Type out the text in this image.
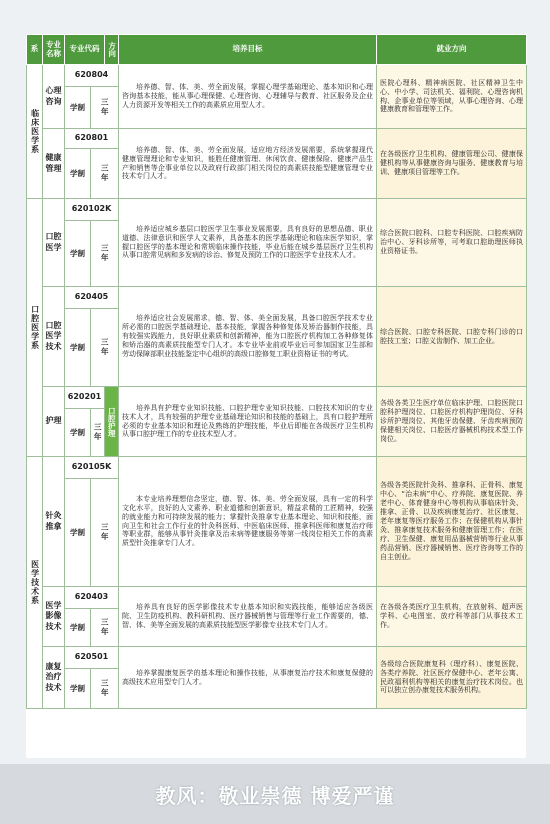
系	专业名称	专业代码		方向	培养目标	就业方向
临床医学系	心理咨询	620804			培养德、智、体、美、劳全面发展，掌握心理学基础理论、基本知识和心理咨询基本技能，能从事心理保健、心理咨询、心理辅导与教育、社区服务及企业人力资源开发等相关工作的高素质应用型人才。	医院心理科、精神病医院、社区精神卫生中心、中小学、司法机关、福利院、心理咨询机构、企事业单位等领域，从事心理咨询、心理健康教育和管理等工作。
		学制	三年			
	健康管理	620801			培养德、智、体、美、劳全面发展，适应地方经济发展需要，系统掌握现代健康管理理论和专业知识，能胜任健康管理、休闲饮食、健康保险、健康产品生产和销售等企事业单位以及政府行政部门相关岗位的高素质技能型健康管理专业技术专门人才。	在各级医疗卫生机构、健康管理公司、健康保健机构等从事健康咨询与服务、健康教育与培训、健康项目管理等工作。
		学制	三年			
口腔医学系	口腔医学	620102K			培养适应城乡基层口腔医学卫生事业发展需要，具有良好的思想品德、职业道德、法律意识和医学人文素养，具备基本的医学基础理论和临床医学知识，掌握口腔医学的基本理论和常规临床操作技能，毕业后能在城乡基层医疗卫生机构从事口腔常见病和多发病的诊治、修复及预防工作的口腔医学专业技术人才。	综合医院口腔科、口腔专科医院、口腔疾病防治中心、牙科诊所等，可考取口腔助理医师执业资格证书。
		学制	三年			
	口腔医学技术	620405			培养适应社会发展需求，德、智、体、美全面发展，具备口腔医学技术专业所必需的口腔医学基础理论、基本技能，掌握各种修复体及矫治器制作技能，具有较强实践能力，良好职业素质和创新精神，能为口腔医疗机构加工各种修复体和矫治器的高素质技能型专门人才。本专业毕业前或毕业后可参加国家卫生部和劳动保障部职业技能鉴定中心组织的高级口腔修复工职业资格证书的考试。	综合医院、口腔专科医院、口腔专科门诊的口腔技工室；口腔义齿制作、加工企业。
		学制	三年			
	护理	620201		口腔护理	培养具有护理专业知识技能、口腔护理专业知识技能、口腔技术知识的专业技术人才，具有较强的护理专业基础理论知识和技能的基础上，具有口腔护理所必须的专业基本知识和理论及熟练的护理技能，毕业后即能在各级医疗卫生机构从事口腔护理工作的专业技术型人才。	各级各类卫生医疗单位临床护理、口腔医院口腔科护理岗位、口腔医疗机构护理岗位、牙科诊所护理岗位、其他牙齿保健、牙齿疾病预防保健相关岗位、口腔医疗器械机构技术型工作岗位。
		学制	三年			
医学技术系	针灸推拿	620105K			本专业培养理想信念坚定，德、智、体、美、劳全面发展，具有一定的科学文化水平，良好的人文素养、职业道德和创新意识，精益求精的工匠精神，较强的就业能力和可持续发展的能力；掌握针灸推拿专业基本理论、知识和技能，面向卫生和社会工作行业的针灸科医师、中医临床医师、推拿科医师和康复治疗师等职业群，能够从事针灸推拿及治未病等健康服务等第一线岗位相关工作的高素质型针灸推拿专门人才。	各级各类医院针灸科、推拿科、正骨科、康复中心、“治未病”中心、疗养院、康复医院、养老中心、体育健身中心等机构从事临床针灸、推拿、正骨、以及疾病康复治疗、社区康复、老年康复等医疗服务工作；在保健机构从事针灸、推拿康复技术服务和健康管理工作；在医疗、卫生保健、康复用品器械营销等行业从事药品营销、医疗器械销售、医疗咨询等工作的自主创业。
		学制	三年			
	医学影像技术	620403			培养具有良好的医学影像技术专业基本知识和实践技能，能够适应各级医院、卫生防疫机构、教科研机构、医疗器械销售与管理等行业工作需要的，德、智、体、美等全面发展的高素质技能型医学影像专业技术专门人才。	在各级各类医疗卫生机构，在放射科、超声医学科、心电图室、放疗科等部门从事技术工作。
		学制	三年			
	康复治疗技术	620501			培养掌握康复医学的基本理论和操作技能，从事康复治疗技术和康复保健的高级技术应用型专门人才。	各级综合医院康复科（理疗科）、康复医院、各类疗养院、社区医疗保健中心、老年公寓、民政福利机构等相关的康复治疗技术岗位。也可以独立创办康复技术服务机构。
		学制	三年			
教风：敬业崇德 博爱严谨
